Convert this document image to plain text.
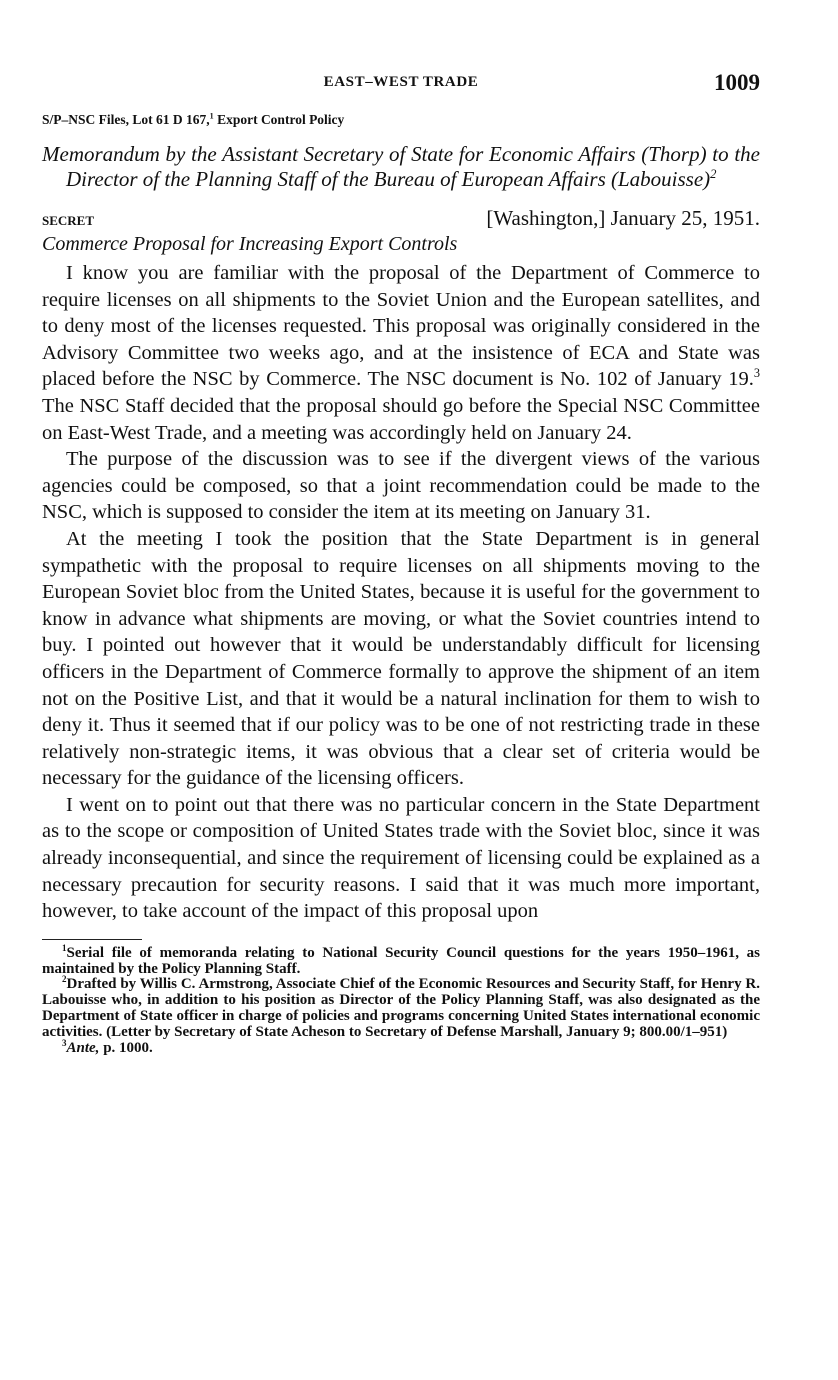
EAST–WEST TRADE	1009
S/P–NSC Files, Lot 61 D 167,$^1$ Export Control Policy

Memorandum by the Assistant Secretary of State for Economic Affairs (Thorp) to the Director of the Planning Staff of the Bureau of European Affairs (Labouisse)$^2$

SECRET	[Washington,] January 25, 1951.
Commerce Proposal for Increasing Export Controls

I know you are familiar with the proposal of the Department of Commerce to require licenses on all shipments to the Soviet Union and the European satellites, and to deny most of the licenses requested. This proposal was originally considered in the Advisory Committee two weeks ago, and at the insistence of ECA and State was placed before the NSC by Commerce. The NSC document is No. 102 of January 19.$^3$ The NSC Staff decided that the proposal should go before the Special NSC Committee on East-West Trade, and a meeting was accordingly held on January 24.

The purpose of the discussion was to see if the divergent views of the various agencies could be composed, so that a joint recommendation could be made to the NSC, which is supposed to consider the item at its meeting on January 31.

At the meeting I took the position that the State Department is in general sympathetic with the proposal to require licenses on all shipments moving to the European Soviet bloc from the United States, because it is useful for the government to know in advance what shipments are moving, or what the Soviet countries intend to buy. I pointed out however that it would be understandably difficult for licensing officers in the Department of Commerce formally to approve the shipment of an item not on the Positive List, and that it would be a natural inclination for them to wish to deny it. Thus it seemed that if our policy was to be one of not restricting trade in these relatively non-strategic items, it was obvious that a clear set of criteria would be necessary for the guidance of the licensing officers.

I went on to point out that there was no particular concern in the State Department as to the scope or composition of United States trade with the Soviet bloc, since it was already inconsequential, and since the requirement of licensing could be explained as a necessary precaution for security reasons. I said that it was much more important, however, to take account of the impact of this proposal upon

$^1$Serial file of memoranda relating to National Security Council questions for the years 1950–1961, as maintained by the Policy Planning Staff.

$^2$Drafted by Willis C. Armstrong, Associate Chief of the Economic Resources and Security Staff, for Henry R. Labouisse who, in addition to his position as Director of the Policy Planning Staff, was also designated as the Department of State officer in charge of policies and programs concerning United States international economic activities. (Letter by Secretary of State Acheson to Secretary of Defense Marshall, January 9; 800.00/1–951)

$^3$Ante, p. 1000.
